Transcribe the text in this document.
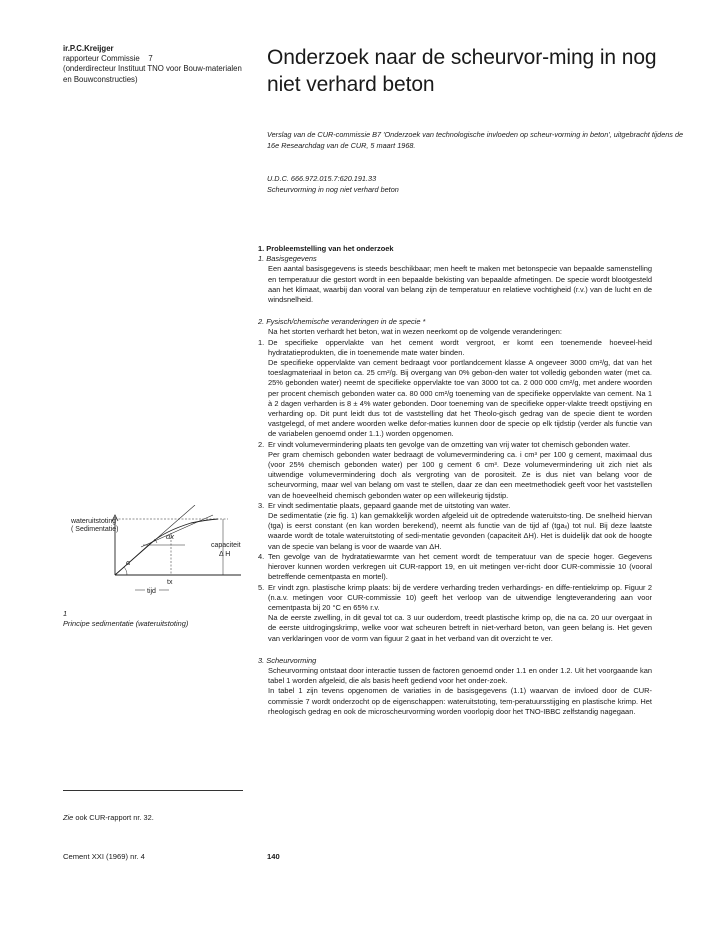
ir.P.C.Kreijger
rapporteur Commissie    7
(onderdirecteur Instituut TNO voor Bouw-materialen en Bouwconstructies)
Onderzoek naar de scheurvor-ming in nog niet verhard beton
Verslag van de CUR-commissie B7 'Onderzoek van technologische invloeden op scheur-vorming in beton', uitgebracht tijdens de 16e Researchdag van de CUR, 5 maart 1968.
U.D.C. 666.972.015.7:620.191.33
Scheurvorming in nog niet verhard beton

1. Probleemstelling van het onderzoek

1. Basisgegevens

Een aantal basisgegevens is steeds beschikbaar; men heeft te maken met betonspecie van bepaalde samenstelling en temperatuur die gestort wordt in een bepaalde bekisting van bepaalde afmetingen. De specie wordt blootgesteld aan het klimaat, waarbij dan vooral van belang zijn de temperatuur en relatieve vochtigheid (r.v.) van de lucht en de windsnelheid.

2. Fysisch/chemische veranderingen in de specie *

Na het storten verhardt het beton, wat in wezen neerkomt op de volgende veranderingen:

1. De specifieke oppervlakte van het cement wordt vergroot, er komt een toenemende hoeveel-heid hydratatieprodukten, die in toenemende mate water binden.

De specifieke oppervlakte van cement bedraagt voor portlandcement klasse A ongeveer 3000 cm²/g, dat van het toeslagmateriaal in beton ca. 25 cm²/g. Bij overgang van 0% gebon-den water tot volledig gebonden water (met ca. 25% gebonden water) neemt de specifieke oppervlakte toe van 3000 tot ca. 2 000 000 cm²/g, met andere woorden per procent chemisch gebonden water ca. 80 000 cm²/g toeneming van de specifieke oppervlakte van cement. Na 1 à 2 dagen verharden is 8 ± 4% water gebonden. Door toeneming van de specifieke opper-vlakte treedt opstijving en verharding op. Dit punt leidt dus tot de vaststelling dat het Theolo-gisch gedrag van de specie dient te worden vastgelegd, of met andere woorden welke defor-maties kunnen door de specie op elk tijdstip (verder als functie van de variabelen genoemd onder 1.1.) worden opgenomen.

2. Er vindt volumevermindering plaats ten gevolge van de omzetting van vrij water tot chemisch gebonden water.

Per gram chemisch gebonden water bedraagt de volumevermindering ca. i cm³ per 100 g cement, maximaal dus (voor 25% chemisch gebonden water) per 100 g cement 6 cm³. Deze volumevermindering uit zich niet als uitwendige volumevermindering doch als vergroting van de porositeit. Ze is dus niet van belang voor de scheurvorming, maar wel van belang om vast te stellen, daar ze dan een meetmethodiek geeft voor het vaststellen van de hoeveelheid chemisch gebonden water op een willekeurig tijdstip.

3. Er vindt sedimentatie plaats, gepaard gaande met de uitstoting van water.

De sedimentatie (zie fig. 1) kan gemakkelijk worden afgeleid uit de optredende wateruitsto-ting. De snelheid hiervan (tga) is eerst constant (en kan worden berekend), neemt als functie van de tijd af (tgaₓ) tot nul. Bij deze laatste waarde wordt de totale wateruitstoting of sedi-mentatie gevonden (capaciteit ΔH). Het is duidelijk dat ook de hoogte van de specie van belang is voor de waarde van ΔH.

4. Ten gevolge van de hydratatiewarmte van het cement wordt de temperatuur van de specie hoger. Gegevens hierover kunnen worden verkregen uit CUR-rapport 19, en uit metingen ver-richt door CUR-commissie 10 (vooral betreffende cementpasta en mortel).

5. Er vindt zgn. plastische krimp plaats: bij de verdere verharding treden verhardings- en diffe-rentiekrimp op. Figuur 2 (n.a.v. metingen voor CUR-commissie 10) geeft het verloop van de uitwendige lengteverandering aan voor cementpasta bij 20 °C en 65% r.v.

Na de eerste zwelling, in dit geval tot ca. 3 uur ouderdom, treedt plastische krimp op, die na ca. 20 uur overgaat in de eerste uitdrogingskrimp, welke voor wat scheuren betreft in niet-verhard beton, van geen belang is. Het geven van verklaringen voor de vorm van figuur 2 gaat in het verband van dit overzicht te ver.

3. Scheurvorming

Scheurvorming ontstaat door interactie tussen de factoren genoemd onder 1.1 en onder 1.2. Uit het voorgaande kan tabel 1 worden afgeleid, die als basis heeft gediend voor het onder-zoek.

In tabel 1 zijn tevens opgenomen de variaties in de basisgegevens (1.1) waarvan de invloed door de CUR-commissie 7 wordt onderzocht op de eigenschappen: wateruitstoting, tem-peratuursstijging en plastische krimp. Het rheologisch gedrag en ook de microscheurvorming worden voorlopig door het TNO-IBBC zelfstandig nagegaan.

wateruitstoting
( Sedimentatie)
αx
α
capaciteit
Δ H
tx
tijd
1
Principe sedimentatie (wateruitstoting)
Zie ook CUR-rapport nr. 32.
Cement XXI (1969) nr. 4	140
